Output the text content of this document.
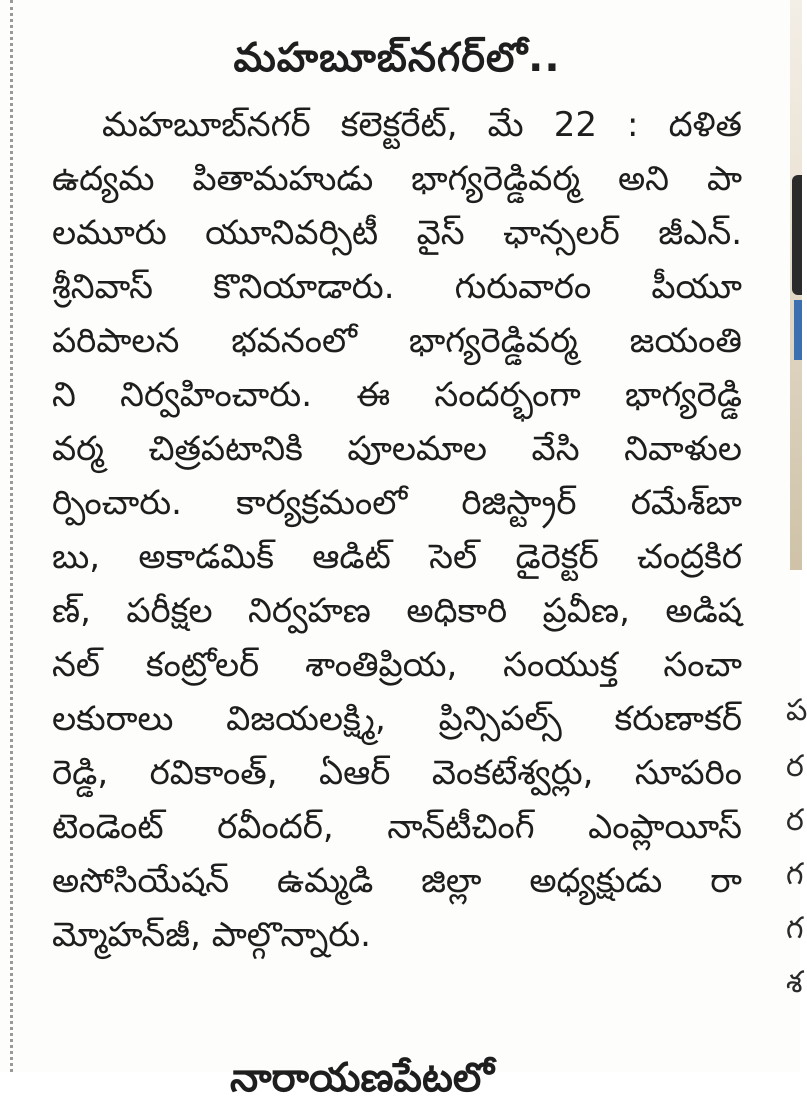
మహబూబ్‌నగర్‌లో..
మహబూబ్‌నగర్ కలెక్టరేట్, మే 22 : దళిత
ఉద్యమ పితామహుడు భాగ్యరెడ్డివర్మ అని పా
లమూరు యూనివర్సిటీ వైస్ ఛాన్సలర్ జీఎన్.
శ్రీనివాస్ కొనియాడారు. గురువారం పీయూ
పరిపాలన భవనంలో భాగ్యరెడ్డివర్మ జయంతి
ని నిర్వహించారు. ఈ సందర్భంగా భాగ్యరెడ్డి
వర్మ చిత్రపటానికి పూలమాల వేసి నివాళుల
ర్పించారు. కార్యక్రమంలో రిజిస్ట్రార్ రమేశ్‌బా
బు, అకాడమిక్ ఆడిట్ సెల్ డైరెక్టర్ చంద్రకిర
ణ్, పరీక్షల నిర్వహణ అధికారి ప్రవీణ, అడిష
నల్ కంట్రోలర్ శాంతిప్రియ, సంయుక్త సంచా
లకురాలు విజయలక్ష్మి, ప్రిన్సిపల్స్ కరుణాకర్
రెడ్డి, రవికాంత్, ఏఆర్ వెంకటేశ్వర్లు, సూపరిం
టెండెంట్ రవీందర్, నాన్‌టీచింగ్ ఎంప్లాయీస్
అసోసియేషన్ ఉమ్మడి జిల్లా అధ్యక్షుడు రా
మ్మోహన్‌జీ, పాల్గొన్నారు.
నారాయణపేటలో
ప
ర
ర
గ
గ
శ
